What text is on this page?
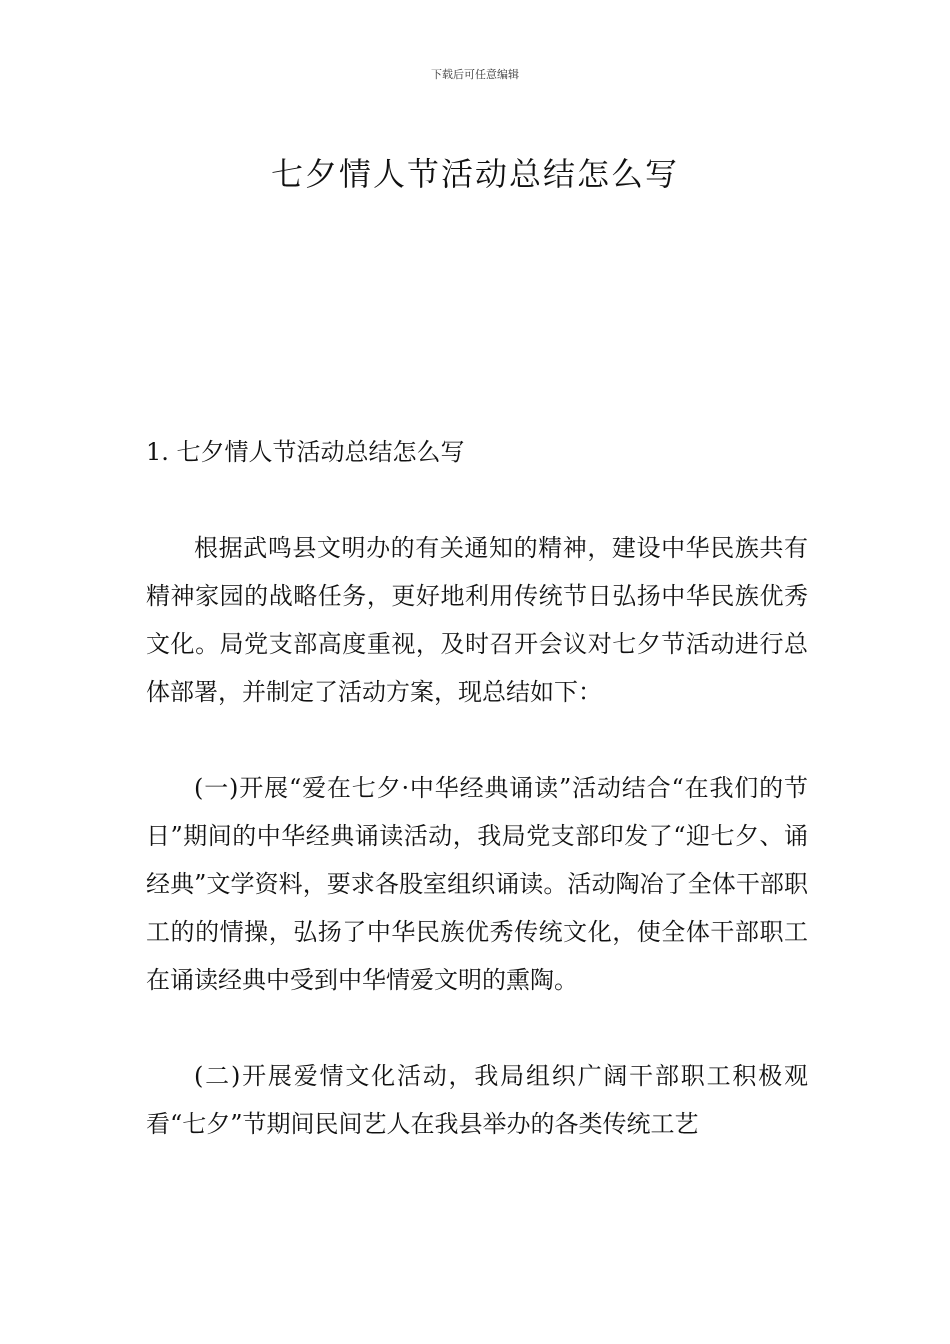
下载后可任意编辑
七夕情人节活动总结怎么写
1. 七夕情人节活动总结怎么写

根据武鸣县文明办的有关通知的精神，建设中华民族共有精神家园的战略任务，更好地利用传统节日弘扬中华民族优秀文化。局党支部高度重视，及时召开会议对七夕节活动进行总体部署，并制定了活动方案，现总结如下：

(一)开展“爱在七夕·中华经典诵读”活动结合“在我们的节日”期间的中华经典诵读活动，我局党支部印发了“迎七夕、诵经典”文学资料，要求各股室组织诵读。活动陶冶了全体干部职工的的情操，弘扬了中华民族优秀传统文化，使全体干部职工在诵读经典中受到中华情爱文明的熏陶。

(二)开展爱情文化活动，我局组织广阔干部职工积极观看“七夕”节期间民间艺人在我县举办的各类传统工艺
